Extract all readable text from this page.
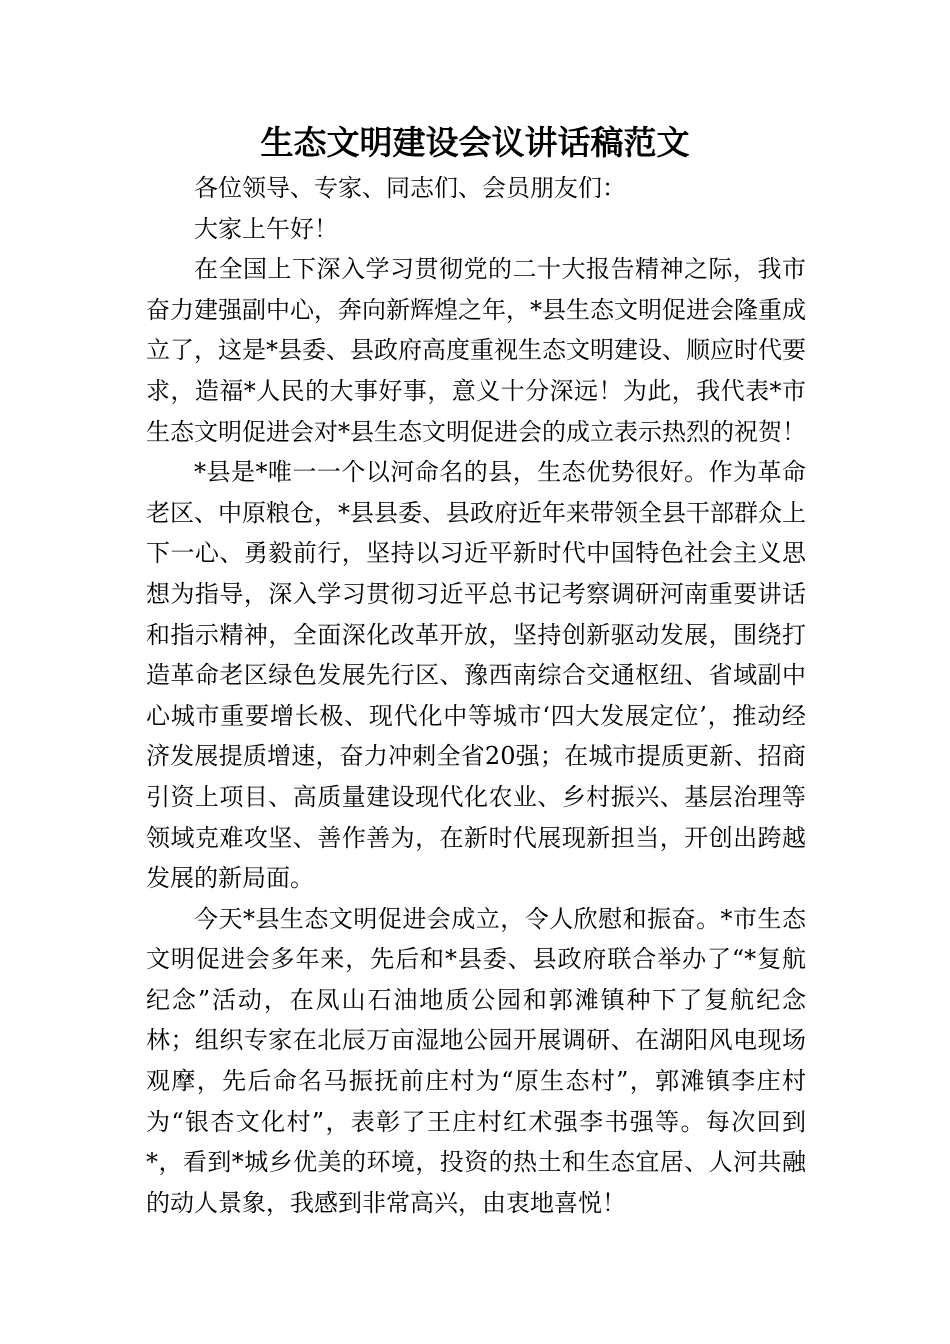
生态文明建设会议讲话稿范文

各位领导、专家、同志们、会员朋友们：

大家上午好！

在全国上下深入学习贯彻党的二十大报告精神之际，我市奋力建强副中心，奔向新辉煌之年，*县生态文明促进会隆重成立了，这是*县委、县政府高度重视生态文明建设、顺应时代要求，造福*人民的大事好事，意义十分深远！为此，我代表*市生态文明促进会对*县生态文明促进会的成立表示热烈的祝贺！

*县是*唯一一个以河命名的县，生态优势很好。作为革命老区、中原粮仓，*县县委、县政府近年来带领全县干部群众上下一心、勇毅前行，坚持以习近平新时代中国特色社会主义思想为指导，深入学习贯彻习近平总书记考察调研河南重要讲话和指示精神，全面深化改革开放，坚持创新驱动发展，围绕打造革命老区绿色发展先行区、豫西南综合交通枢纽、省域副中心城市重要增长极、现代化中等城市‘四大发展定位’，推动经济发展提质增速，奋力冲刺全省20强；在城市提质更新、招商引资上项目、高质量建设现代化农业、乡村振兴、基层治理等领域克难攻坚、善作善为，在新时代展现新担当，开创出跨越发展的新局面。

今天*县生态文明促进会成立，令人欣慰和振奋。*市生态文明促进会多年来，先后和*县委、县政府联合举办了“*复航纪念”活动，在凤山石油地质公园和郭滩镇种下了复航纪念林；组织专家在北辰万亩湿地公园开展调研、在湖阳风电现场观摩，先后命名马振抚前庄村为“原生态村”，郭滩镇李庄村为“银杏文化村”，表彰了王庄村红术强李书强等。每次回到*，看到*城乡优美的环境，投资的热土和生态宜居、人河共融的动人景象，我感到非常高兴，由衷地喜悦！
